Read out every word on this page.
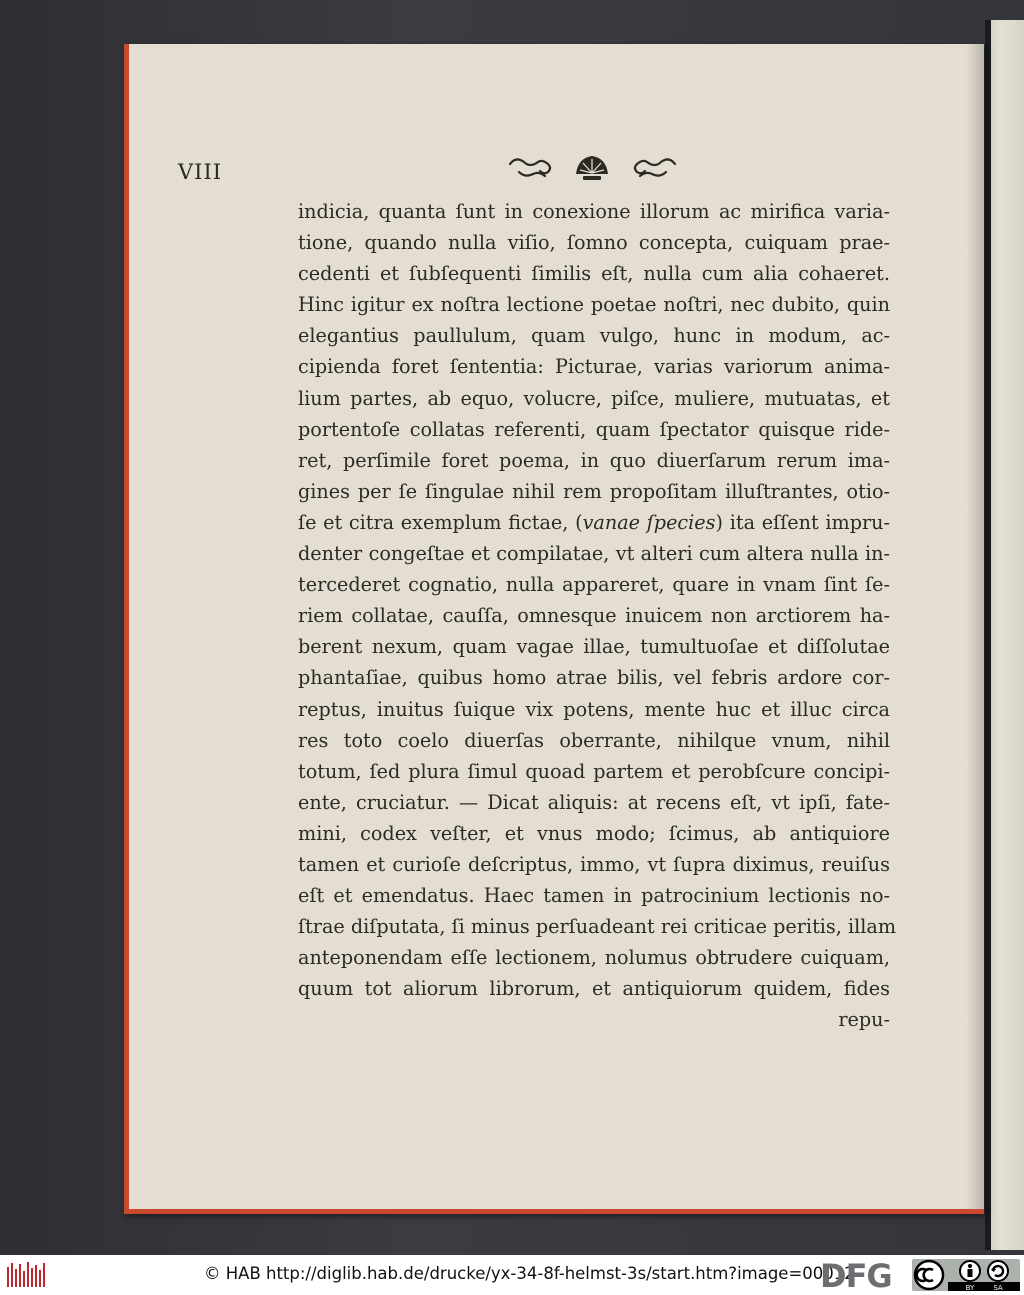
VIII
indicia, quanta ſunt in conexione illorum ac mirifica varia-
tione, quando nulla viſio, ſomno concepta, cuiquam prae-
cedenti et ſubſequenti ſimilis eſt, nulla cum alia cohaeret.
Hinc igitur ex noſtra lectione poetae noſtri, nec dubito, quin
elegantius paullulum, quam vulgo, hunc in modum, ac-
cipienda foret ſententia: Picturae, varias variorum anima-
lium partes, ab equo, volucre, piſce, muliere, mutuatas, et
portentoſe collatas referenti, quam ſpectator quisque ride-
ret, perſimile foret poema, in quo diuerſarum rerum ima-
gines per ſe ſingulae nihil rem propoſitam illuſtrantes, otio-
ſe et citra exemplum fictae, (vanae ſpecies) ita eſſent impru-
denter congeſtae et compilatae, vt alteri cum altera nulla in-
tercederet cognatio, nulla appareret, quare in vnam ſint ſe-
riem collatae, cauſſa, omnesque inuicem non arctiorem ha-
berent nexum, quam vagae illae, tumultuoſae et diſſolutae
phantaſiae, quibus homo atrae bilis, vel febris ardore cor-
reptus, inuitus ſuique vix potens, mente huc et illuc circa
res toto coelo diuerſas oberrante, nihilque vnum, nihil
totum, ſed plura ſimul quoad partem et perobſcure concipi-
ente, cruciatur. — Dicat aliquis: at recens eſt, vt ipſi, fate-
mini, codex veſter, et vnus modo; ſcimus, ab antiquiore
tamen et curioſe deſcriptus, immo, vt ſupra diximus, reuiſus
eſt et emendatus. Haec tamen in patrocinium lectionis no-
ſtrae diſputata, ſi minus perſuadeant rei criticae peritis, illam
anteponendam eſſe lectionem, nolumus obtrudere cuiquam,
quum tot aliorum librorum, et antiquiorum quidem, fides
repu-
© HAB http://diglib.hab.de/drucke/yx-34-8f-helmst-3s/start.htm?image=00012
DFG	BY	SA
